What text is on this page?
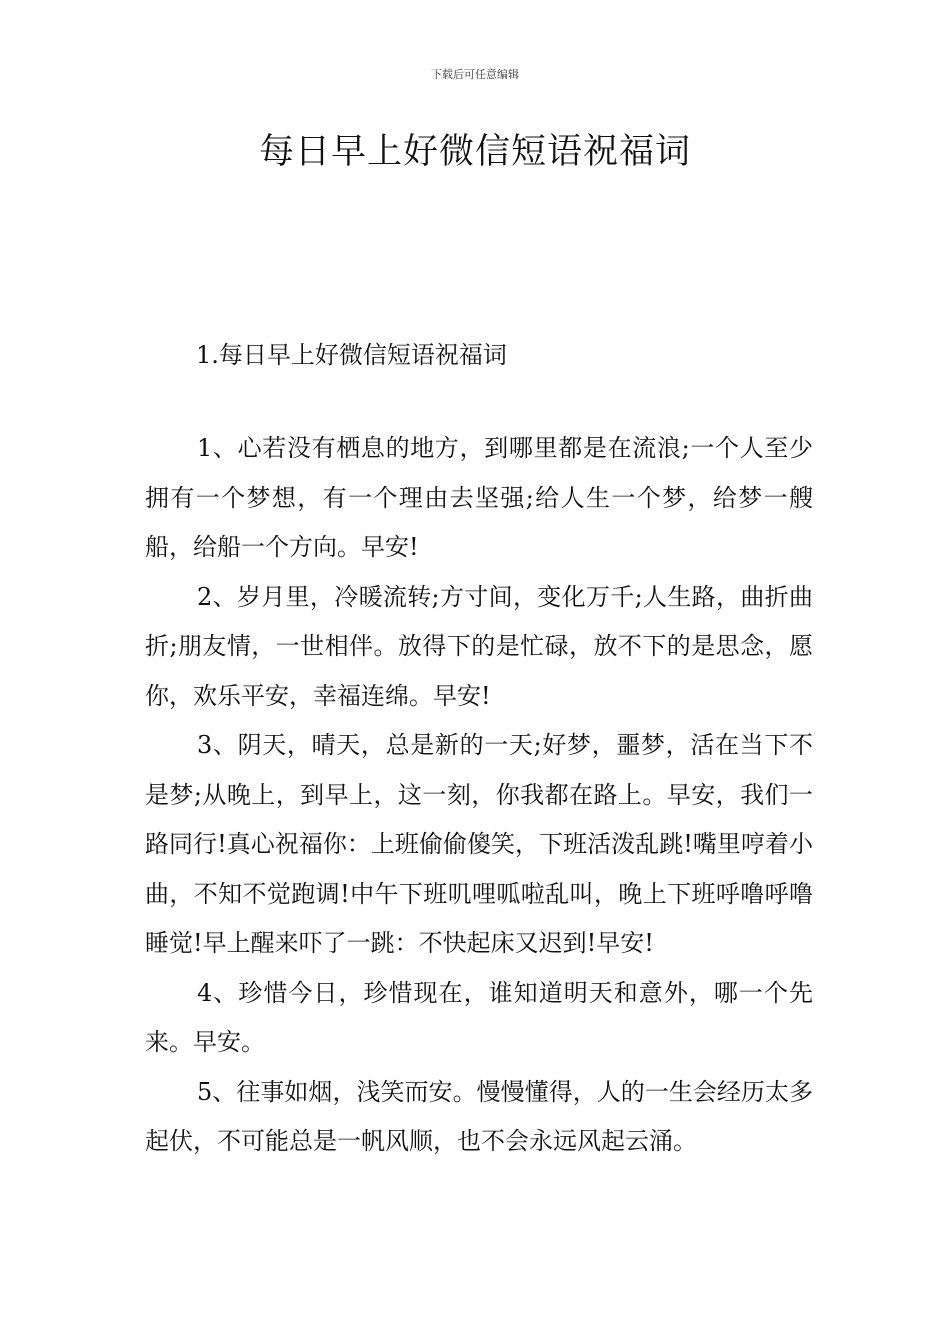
下载后可任意编辑
每日早上好微信短语祝福词
1.每日早上好微信短语祝福词

1、心若没有栖息的地方，到哪里都是在流浪;一个人至少拥有一个梦想，有一个理由去坚强;给人生一个梦，给梦一艘船，给船一个方向。早安!

2、岁月里，冷暖流转;方寸间，变化万千;人生路，曲折曲折;朋友情，一世相伴。放得下的是忙碌，放不下的是思念，愿你，欢乐平安，幸福连绵。早安!

3、阴天，晴天，总是新的一天;好梦，噩梦，活在当下不是梦;从晚上，到早上，这一刻，你我都在路上。早安，我们一路同行!真心祝福你：上班偷偷傻笑，下班活泼乱跳!嘴里哼着小曲，不知不觉跑调!中午下班叽哩呱啦乱叫，晚上下班呼噜呼噜睡觉!早上醒来吓了一跳：不快起床又迟到!早安!

4、珍惜今日，珍惜现在，谁知道明天和意外，哪一个先来。早安。

5、往事如烟，浅笑而安。慢慢懂得，人的一生会经历太多起伏，不可能总是一帆风顺，也不会永远风起云涌。
